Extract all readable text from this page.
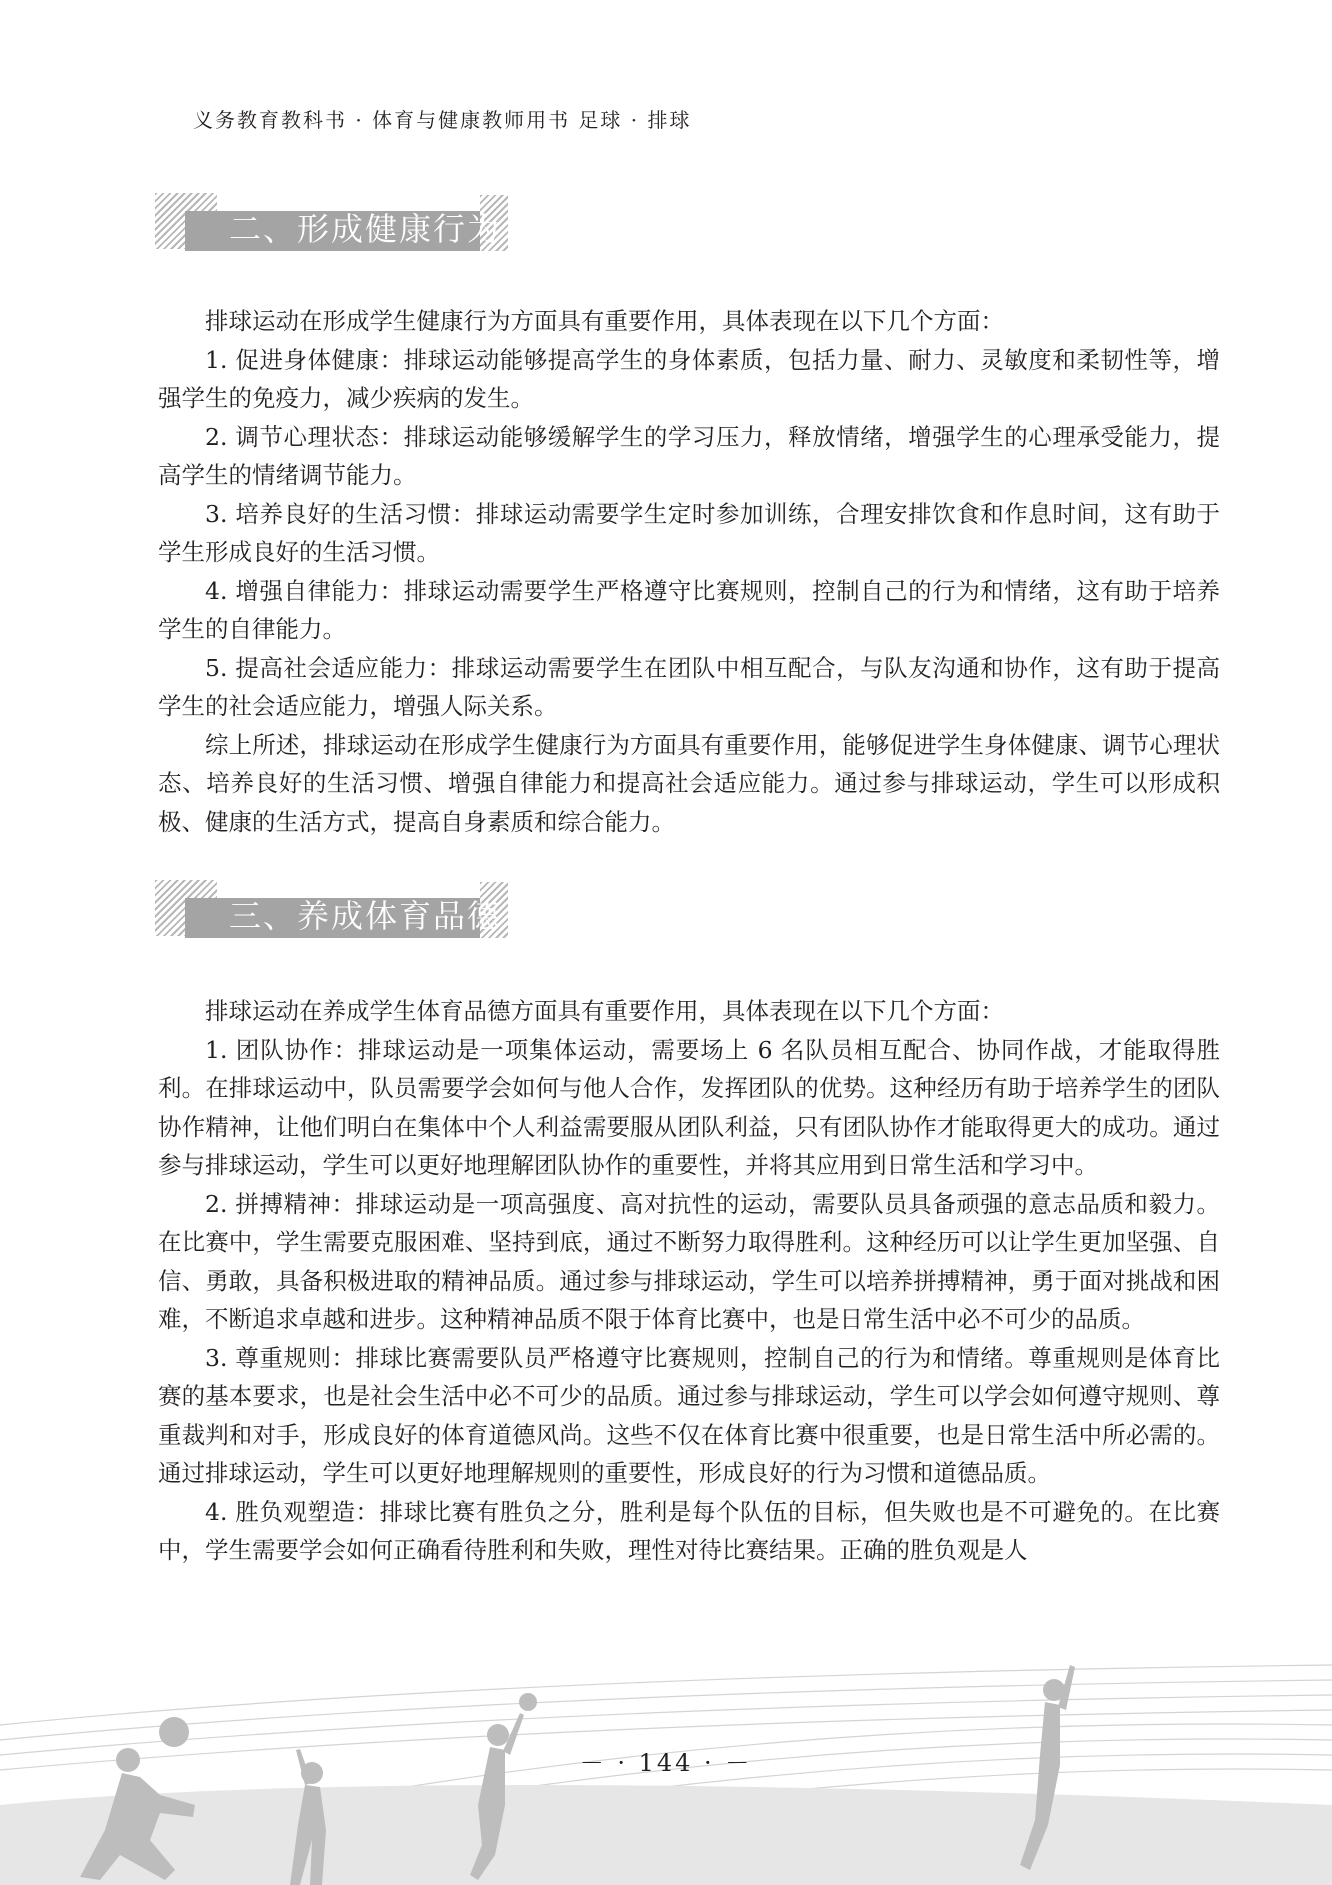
义务教育教科书 · 体育与健康教师用书 足球 · 排球
二、形成健康行为

排球运动在形成学生健康行为方面具有重要作用，具体表现在以下几个方面：

1. 促进身体健康：排球运动能够提高学生的身体素质，包括力量、耐力、灵敏度和柔韧性等，增强学生的免疫力，减少疾病的发生。

2. 调节心理状态：排球运动能够缓解学生的学习压力，释放情绪，增强学生的心理承受能力，提高学生的情绪调节能力。

3. 培养良好的生活习惯：排球运动需要学生定时参加训练，合理安排饮食和作息时间，这有助于学生形成良好的生活习惯。

4. 增强自律能力：排球运动需要学生严格遵守比赛规则，控制自己的行为和情绪，这有助于培养学生的自律能力。

5. 提高社会适应能力：排球运动需要学生在团队中相互配合，与队友沟通和协作，这有助于提高学生的社会适应能力，增强人际关系。

综上所述，排球运动在形成学生健康行为方面具有重要作用，能够促进学生身体健康、调节心理状态、培养良好的生活习惯、增强自律能力和提高社会适应能力。通过参与排球运动，学生可以形成积极、健康的生活方式，提高自身素质和综合能力。

三、养成体育品德

排球运动在养成学生体育品德方面具有重要作用，具体表现在以下几个方面：

1. 团队协作：排球运动是一项集体运动，需要场上 6 名队员相互配合、协同作战，才能取得胜利。在排球运动中，队员需要学会如何与他人合作，发挥团队的优势。这种经历有助于培养学生的团队协作精神，让他们明白在集体中个人利益需要服从团队利益，只有团队协作才能取得更大的成功。通过参与排球运动，学生可以更好地理解团队协作的重要性，并将其应用到日常生活和学习中。

2. 拼搏精神：排球运动是一项高强度、高对抗性的运动，需要队员具备顽强的意志品质和毅力。在比赛中，学生需要克服困难、坚持到底，通过不断努力取得胜利。这种经历可以让学生更加坚强、自信、勇敢，具备积极进取的精神品质。通过参与排球运动，学生可以培养拼搏精神，勇于面对挑战和困难，不断追求卓越和进步。这种精神品质不限于体育比赛中，也是日常生活中必不可少的品质。

3. 尊重规则：排球比赛需要队员严格遵守比赛规则，控制自己的行为和情绪。尊重规则是体育比赛的基本要求，也是社会生活中必不可少的品质。通过参与排球运动，学生可以学会如何遵守规则、尊重裁判和对手，形成良好的体育道德风尚。这些不仅在体育比赛中很重要，也是日常生活中所必需的。通过排球运动，学生可以更好地理解规则的重要性，形成良好的行为习惯和道德品质。

4. 胜负观塑造：排球比赛有胜负之分，胜利是每个队伍的目标，但失败也是不可避免的。在比赛中，学生需要学会如何正确看待胜利和失败，理性对待比赛结果。正确的胜负观是人

－ · 144 · －
